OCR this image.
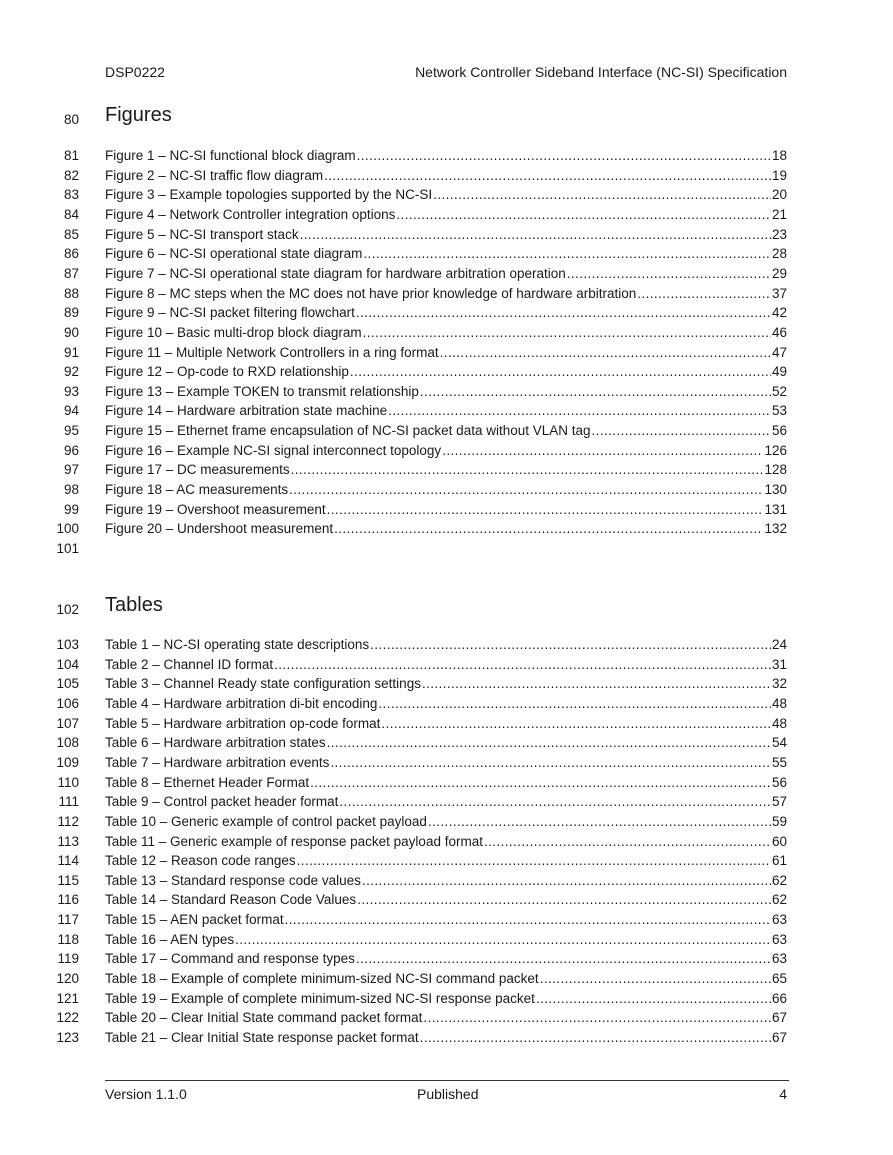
DSP0222	Network Controller Sideband Interface (NC-SI) Specification
80 Figures
81 Figure 1 – NC-SI functional block diagram .....	18
82 Figure 2 – NC-SI traffic flow diagram .....	19
83 Figure 3 – Example topologies supported by the NC-SI .....	20
84 Figure 4 – Network Controller integration options .....	21
85 Figure 5 – NC-SI transport stack .....	23
86 Figure 6 – NC-SI operational state diagram .....	28
87 Figure 7 – NC-SI operational state diagram for hardware arbitration operation .....	29
88 Figure 8 – MC steps when the MC does not have prior knowledge of hardware arbitration .....	37
89 Figure 9 – NC-SI packet filtering flowchart .....	42
90 Figure 10 – Basic multi-drop block diagram .....	46
91 Figure 11 – Multiple Network Controllers in a ring format .....	47
92 Figure 12 – Op-code to RXD relationship .....	49
93 Figure 13 – Example TOKEN to transmit relationship .....	52
94 Figure 14 – Hardware arbitration state machine .....	53
95 Figure 15 – Ethernet frame encapsulation of NC-SI packet data without VLAN tag .....	56
96 Figure 16 – Example NC-SI signal interconnect topology .....	126
97 Figure 17 – DC measurements .....	128
98 Figure 18 – AC measurements .....	130
99 Figure 19 – Overshoot measurement .....	131
100 Figure 20 – Undershoot measurement .....	132
101
102 Tables
103 Table 1 – NC-SI operating state descriptions .....	24
104 Table 2 – Channel ID format .....	31
105 Table 3 – Channel Ready state configuration settings .....	32
106 Table 4 – Hardware arbitration di-bit encoding .....	48
107 Table 5 – Hardware arbitration op-code format .....	48
108 Table 6 – Hardware arbitration states .....	54
109 Table 7 – Hardware arbitration events .....	55
110 Table 8 – Ethernet Header Format .....	56
111 Table 9 – Control packet header format .....	57
112 Table 10 – Generic example of control packet payload .....	59
113 Table 11 – Generic example of response packet payload format .....	60
114 Table 12 – Reason code ranges .....	61
115 Table 13 – Standard response code values .....	62
116 Table 14 – Standard Reason Code Values .....	62
117 Table 15 – AEN packet format .....	63
118 Table 16 – AEN types .....	63
119 Table 17 – Command and response types .....	63
120 Table 18 – Example of complete minimum-sized NC-SI command packet .....	65
121 Table 19 – Example of complete minimum-sized NC-SI response packet .....	66
122 Table 20 – Clear Initial State command packet format .....	67
123 Table 21 – Clear Initial State response packet format .....	67
Version 1.1.0	Published	4
